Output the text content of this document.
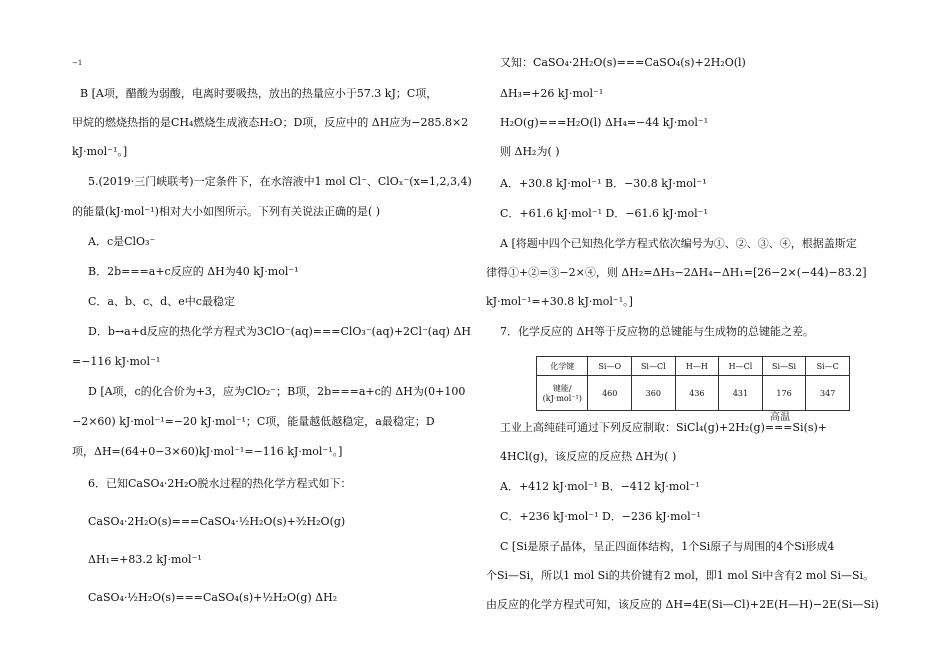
−1
B [A项，醋酸为弱酸，电离时要吸热，放出的热量应小于57.3 kJ；C项，
甲烷的燃烧热指的是CH₄燃烧生成液态H₂O；D项，反应中的 ΔH应为−285.8×2
kJ·mol⁻¹。]
5.(2019·三门峡联考)一定条件下，在水溶液中1 mol Cl⁻、ClOₓ⁻(x=1,2,3,4)
的能量(kJ·mol⁻¹)相对大小如图所示。下列有关说法正确的是( )
A．c是ClO₃⁻
B．2b===a+c反应的 ΔH为40 kJ·mol⁻¹
C．a、b、c、d、e中c最稳定
D．b→a+d反应的热化学方程式为3ClO⁻(aq)===ClO₃⁻(aq)+2Cl⁻(aq) ΔH
=−116 kJ·mol⁻¹
D [A项，c的化合价为+3，应为ClO₂⁻；B项，2b===a+c的 ΔH为(0+100
−2×60) kJ·mol⁻¹=−20 kJ·mol⁻¹；C项，能量越低越稳定，a最稳定；D
项，ΔH=(64+0−3×60)kJ·mol⁻¹=−116 kJ·mol⁻¹。]
6．已知CaSO₄·2H₂O脱水过程的热化学方程式如下：
CaSO₄·2H₂O(s)===CaSO₄·½H₂O(s)+³⁄₂H₂O(g)
ΔH₁=+83.2 kJ·mol⁻¹
CaSO₄·½H₂O(s)===CaSO₄(s)+½H₂O(g) ΔH₂
又知：CaSO₄·2H₂O(s)===CaSO₄(s)+2H₂O(l)
ΔH₃=+26 kJ·mol⁻¹
H₂O(g)===H₂O(l) ΔH₄=−44 kJ·mol⁻¹
则 ΔH₂为( )
A．+30.8 kJ·mol⁻¹ B．−30.8 kJ·mol⁻¹
C．+61.6 kJ·mol⁻¹ D．−61.6 kJ·mol⁻¹
A [将题中四个已知热化学方程式依次编号为①、②、③、④，根据盖斯定
律得①+②=③−2×④，则 ΔH₂=ΔH₃−2ΔH₄−ΔH₁=[26−2×(−44)−83.2]
kJ·mol⁻¹=+30.8 kJ·mol⁻¹。]
7．化学反应的 ΔH等于反应物的总键能与生成物的总键能之差。
化学键	Si—O	Si—Cl	H—H	H—Cl	Si—Si	Si—C
键能/
(kJ·mol⁻¹)	460	360	436	431	176	347
高温
工业上高纯硅可通过下列反应制取：SiCl₄(g)+2H₂(g)===Si(s)+
4HCl(g)，该反应的反应热 ΔH为( )
A．+412 kJ·mol⁻¹ B．−412 kJ·mol⁻¹
C．+236 kJ·mol⁻¹ D．−236 kJ·mol⁻¹
C [Si是原子晶体，呈正四面体结构，1个Si原子与周围的4个Si形成4
个Si—Si，所以1 mol Si的共价键有2 mol，即1 mol Si中含有2 mol Si—Si。
由反应的化学方程式可知，该反应的 ΔH=4E(Si—Cl)+2E(H—H)−2E(Si—Si)
